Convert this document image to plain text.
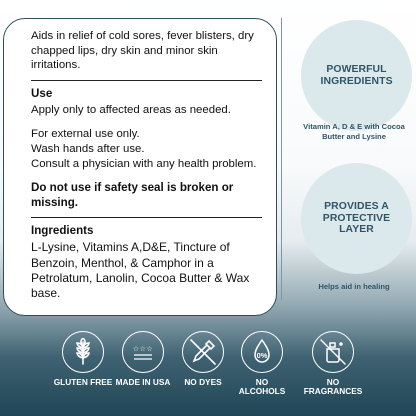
Aids in relief of cold sores, fever blisters, dry chapped lips, dry skin and minor skin irritations.

Use

Apply only to affected areas as needed.

For external use only.

Wash hands after use.

Consult a physician with any health problem.

Do not use if safety seal is broken or missing.

Ingredients

L-Lysine, Vitamins A,D&E, Tincture of Benzoin, Menthol, & Camphor in a Petrolatum, Lanolin, Cocoa Butter & Wax base.

POWERFUL INGREDIENTS
Vitamin A, D & E with Cocoa Butter and Lysine
PROVIDES A PROTECTIVE LAYER
Helps aid in healing
GLUTEN FREE
☆☆☆
MADE IN USA	NO DYES
0%
NO ALCOHOLS
NO FRAGRANCES
